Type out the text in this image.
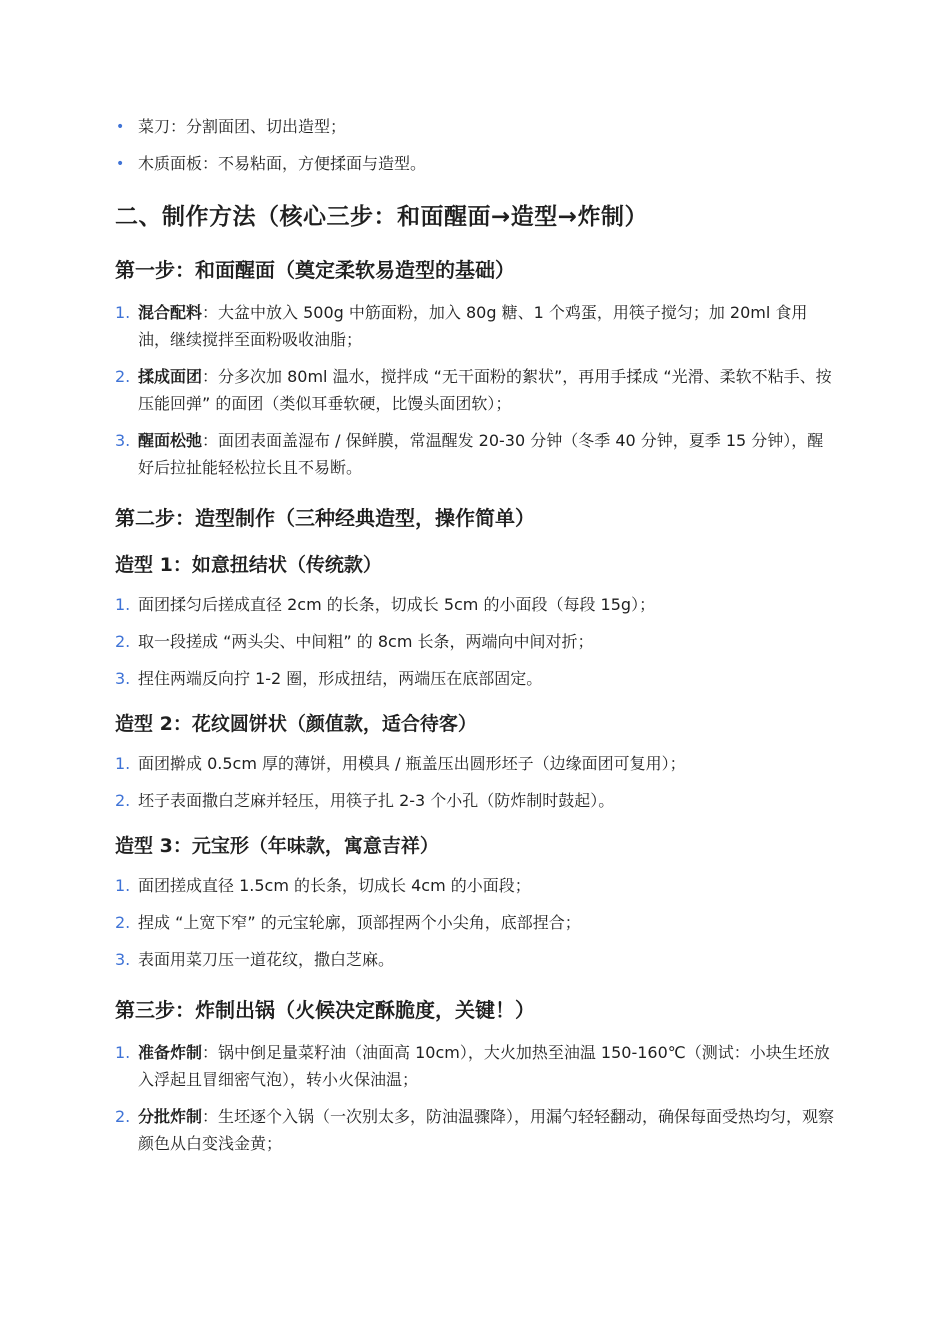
• 菜刀：分割面团、切出造型；
• 木质面板：不易粘面，方便揉面与造型。
二、制作方法（核心三步：和面醒面→造型→炸制）
第一步：和面醒面（奠定柔软易造型的基础）
1. 混合配料：大盆中放入 500g 中筋面粉，加入 80g 糖、1 个鸡蛋，用筷子搅匀；加 20ml 食用油，继续搅拌至面粉吸收油脂；
2. 揉成面团：分多次加 80ml 温水，搅拌成 “无干面粉的絮状”，再用手揉成 “光滑、柔软不粘手、按压能回弹” 的面团（类似耳垂软硬，比馒头面团软）；
3. 醒面松弛：面团表面盖湿布 / 保鲜膜，常温醒发 20-30 分钟（冬季 40 分钟，夏季 15 分钟），醒好后拉扯能轻松拉长且不易断。
第二步：造型制作（三种经典造型，操作简单）
造型 1：如意扭结状（传统款）
1. 面团揉匀后搓成直径 2cm 的长条，切成长 5cm 的小面段（每段 15g）；
2. 取一段搓成 “两头尖、中间粗” 的 8cm 长条，两端向中间对折；
3. 捏住两端反向拧 1-2 圈，形成扭结，两端压在底部固定。
造型 2：花纹圆饼状（颜值款，适合待客）
1. 面团擀成 0.5cm 厚的薄饼，用模具 / 瓶盖压出圆形坯子（边缘面团可复用）；
2. 坯子表面撒白芝麻并轻压，用筷子扎 2-3 个小孔（防炸制时鼓起）。
造型 3：元宝形（年味款，寓意吉祥）
1. 面团搓成直径 1.5cm 的长条，切成长 4cm 的小面段；
2. 捏成 “上宽下窄” 的元宝轮廓，顶部捏两个小尖角，底部捏合；
3. 表面用菜刀压一道花纹，撒白芝麻。
第三步：炸制出锅（火候决定酥脆度，关键！）
1. 准备炸制：锅中倒足量菜籽油（油面高 10cm），大火加热至油温 150-160℃（测试：小块生坯放入浮起且冒细密气泡），转小火保油温；
2. 分批炸制：生坯逐个入锅（一次别太多，防油温骤降），用漏勺轻轻翻动，确保每面受热均匀，观察颜色从白变浅金黄；
